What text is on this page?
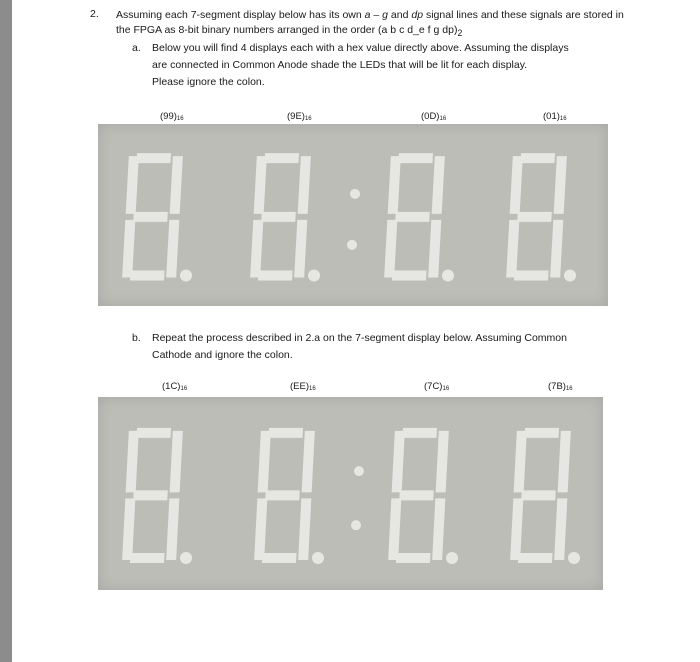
2. Assuming each 7-segment display below has its own a – g and dp signal lines and these signals are stored in the FPGA as 8-bit binary numbers arranged in the order (a b c d_e f g $dp)_2$
a. Below you will find 4 displays each with a hex value directly above. Assuming the displays
are connected in Common Anode shade the LEDs that will be lit for each display.
Please ignore the colon.
$(99)_{16}$	$(9E)_{16}$	$(0D)_{16}$	$(01)_{16}$
b. Repeat the process described in 2.a on the 7-segment display below. Assuming Common
Cathode and ignore the colon.
$(1C)_{16}$	$(EE)_{16}$	$(7C)_{16}$	$(7B)_{16}$
